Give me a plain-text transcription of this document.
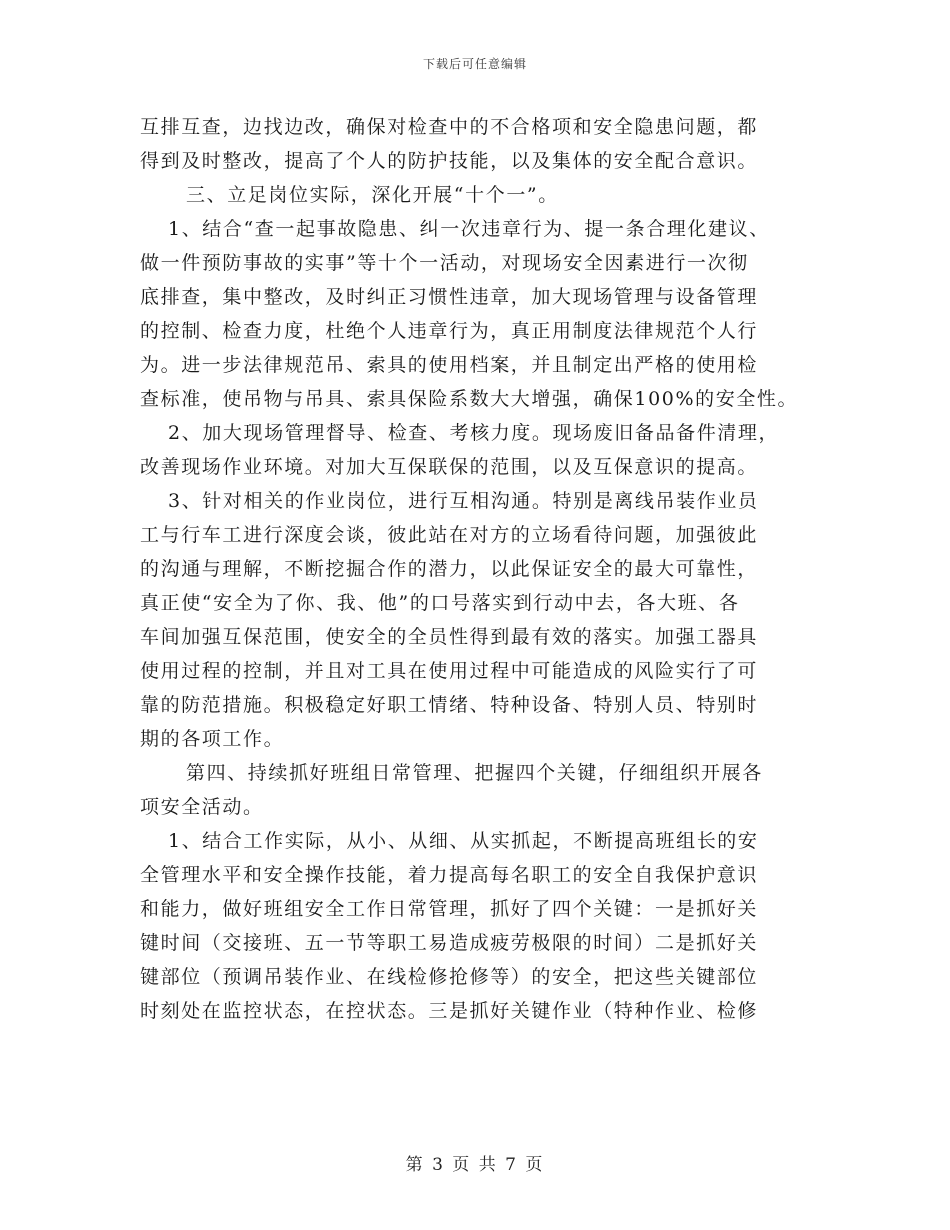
下载后可任意编辑
互排互查，边找边改，确保对检查中的不合格项和安全隐患问题，都
得到及时整改，提高了个人的防护技能，以及集体的安全配合意识。
三、立足岗位实际，深化开展“十个一”。
1、结合“查一起事故隐患、纠一次违章行为、提一条合理化建议、
做一件预防事故的实事”等十个一活动，对现场安全因素进行一次彻
底排查，集中整改，及时纠正习惯性违章，加大现场管理与设备管理
的控制、检查力度，杜绝个人违章行为，真正用制度法律规范个人行
为。进一步法律规范吊、索具的使用档案，并且制定出严格的使用检
查标准，使吊物与吊具、索具保险系数大大增强，确保100%的安全性。
2、加大现场管理督导、检查、考核力度。现场废旧备品备件清理，
改善现场作业环境。对加大互保联保的范围，以及互保意识的提高。
3、针对相关的作业岗位，进行互相沟通。特别是离线吊装作业员
工与行车工进行深度会谈，彼此站在对方的立场看待问题，加强彼此
的沟通与理解，不断挖掘合作的潜力，以此保证安全的最大可靠性，
真正使“安全为了你、我、他”的口号落实到行动中去，各大班、各
车间加强互保范围，使安全的全员性得到最有效的落实。加强工器具
使用过程的控制，并且对工具在使用过程中可能造成的风险实行了可
靠的防范措施。积极稳定好职工情绪、特种设备、特别人员、特别时
期的各项工作。
第四、持续抓好班组日常管理、把握四个关键，仔细组织开展各
项安全活动。
1、结合工作实际，从小、从细、从实抓起，不断提高班组长的安
全管理水平和安全操作技能，着力提高每名职工的安全自我保护意识
和能力，做好班组安全工作日常管理，抓好了四个关键：一是抓好关
键时间（交接班、五一节等职工易造成疲劳极限的时间）二是抓好关
键部位（预调吊装作业、在线检修抢修等）的安全，把这些关键部位
时刻处在监控状态，在控状态。三是抓好关键作业（特种作业、检修
第 3 页 共 7 页
